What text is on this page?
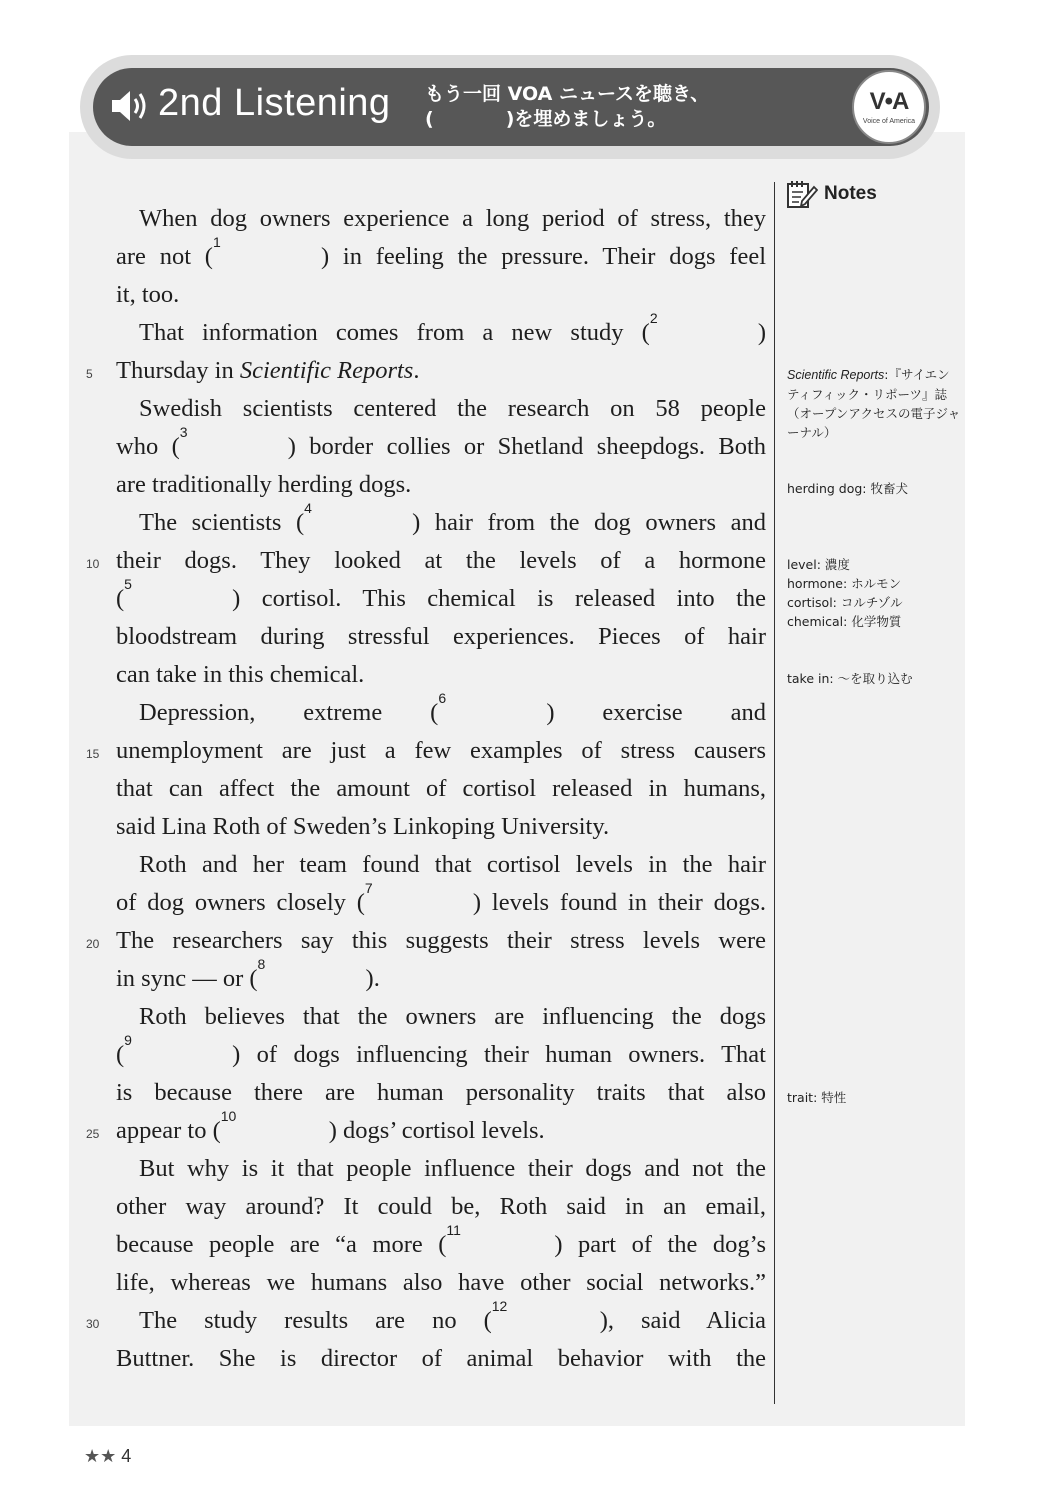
2nd Listening もう一回 VOA ニュースを聴き、
(	)を埋めましょう。
V•A
Voice of America
Notes
When dog owners experience a long period of stress, they
are not ($^1$) in feeling the pressure. Their dogs feel
it, too.
That information comes from a new study ($^2$)
Thursday in Scientific Reports.
Swedish scientists centered the research on 58 people
who ($^3$) border collies or Shetland sheepdogs. Both
are traditionally herding dogs.
The scientists ($^4$) hair from the dog owners and
their dogs. They looked at the levels of a hormone
($^5$) cortisol. This chemical is released into the
bloodstream during stressful experiences. Pieces of hair
can take in this chemical.
Depression, extreme ($^6$) exercise and
unemployment are just a few examples of stress causers
that can affect the amount of cortisol released in humans,
said Lina Roth of Sweden’s Linkoping University.
Roth and her team found that cortisol levels in the hair
of dog owners closely ($^7$) levels found in their dogs.
The researchers say this suggests their stress levels were
in sync — or ($^8$).
Roth believes that the owners are influencing the dogs
($^9$) of dogs influencing their human owners. That
is because there are human personality traits that also
appear to ($^{10}$) dogs’ cortisol levels.
But why is it that people influence their dogs and not the
other way around? It could be, Roth said in an email,
because people are “a more ($^{11}$) part of the dog’s
life, whereas we humans also have other social networks.”
The study results are no ($^{12}$), said Alicia
Buttner. She is director of animal behavior with the
5
10
15
20
25
30
Scientific Reports:『サイエンティフィック・リポーツ』誌（オープンアクセスの電子ジャーナル）
herding dog: 牧畜犬
level: 濃度
hormone: ホルモン
cortisol: コルチゾル
chemical: 化学物質
take in: ～を取り込む
trait: 特性
★★ 4
